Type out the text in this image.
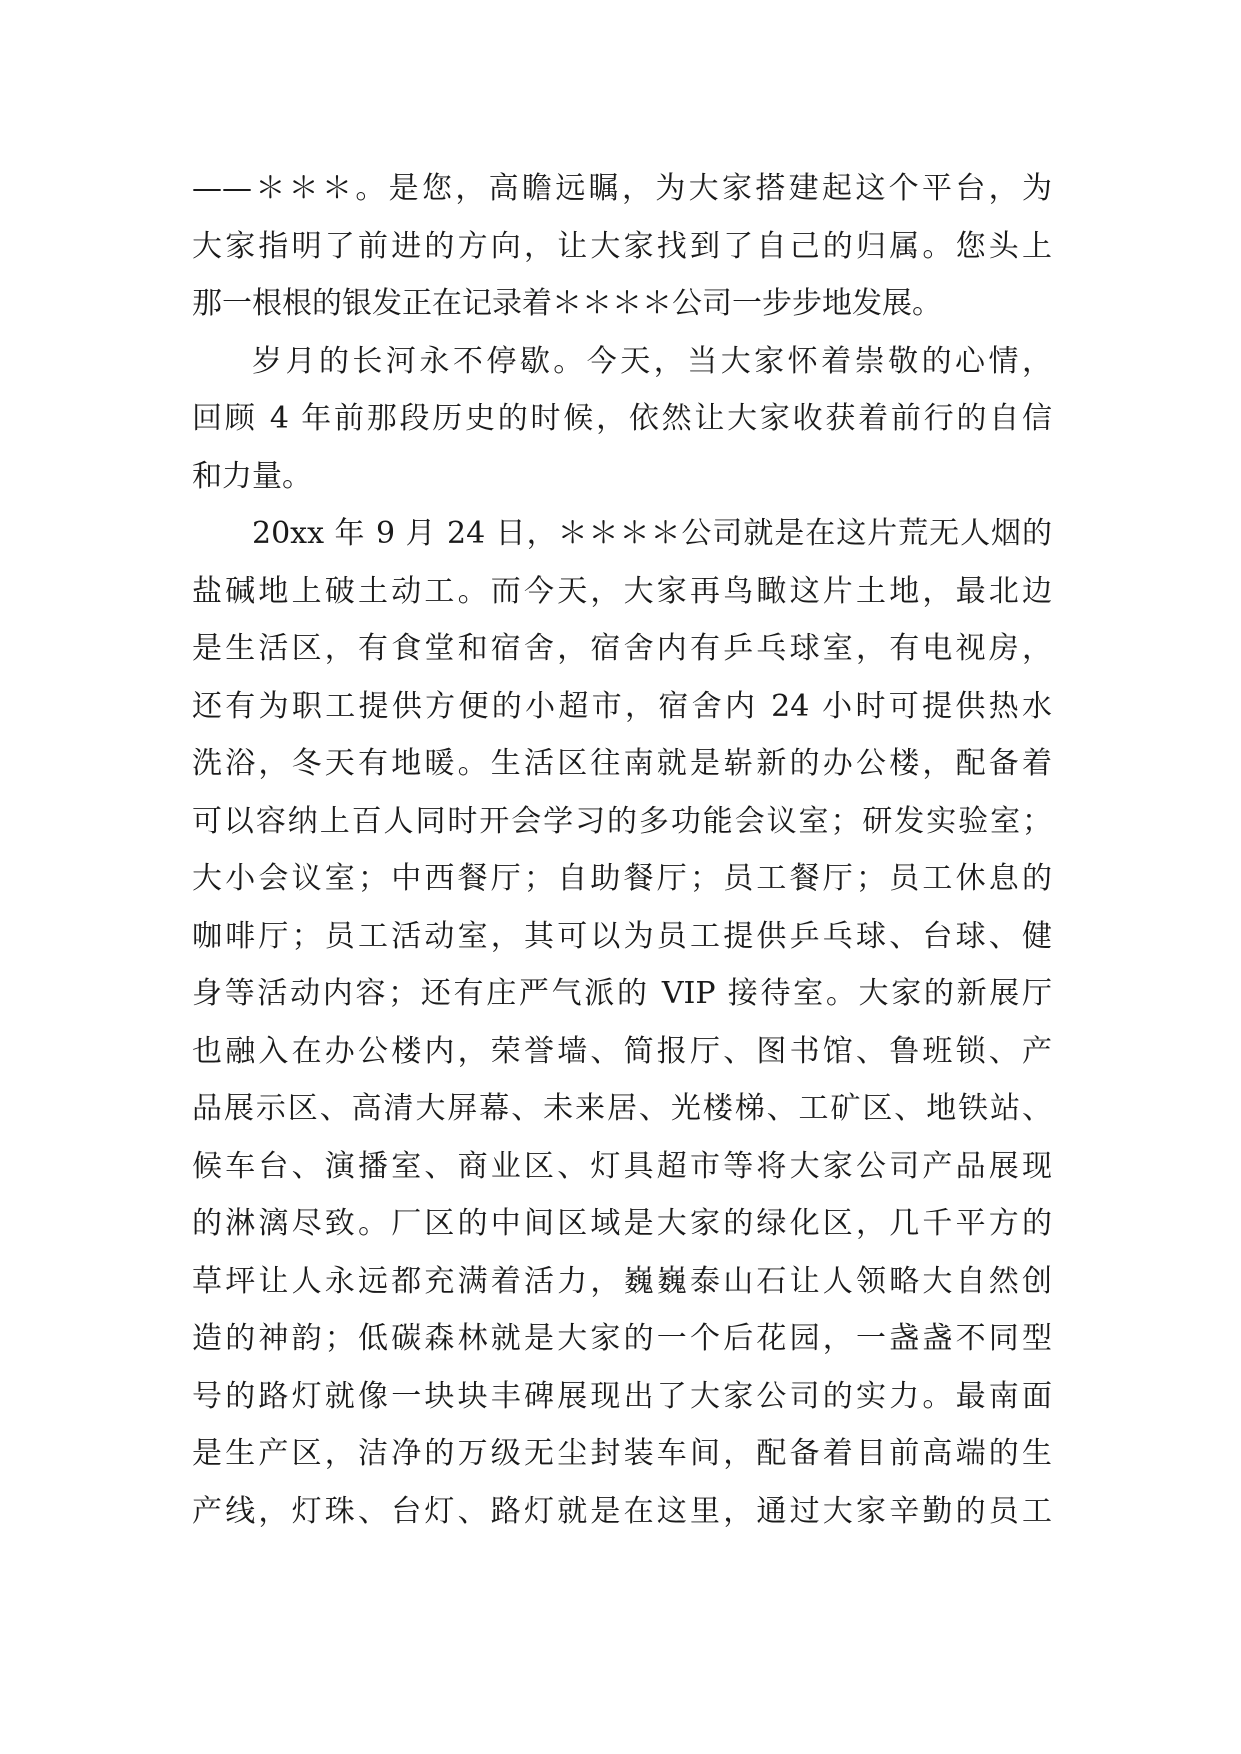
——＊＊＊。是您，高瞻远瞩，为大家搭建起这个平台，为
大家指明了前进的方向，让大家找到了自己的归属。您头上
那一根根的银发正在记录着＊＊＊＊公司一步步地发展。
岁月的长河永不停歇。今天，当大家怀着崇敬的心情，
回顾 4 年前那段历史的时候，依然让大家收获着前行的自信
和力量。
20xx 年 9 月 24 日，＊＊＊＊公司就是在这片荒无人烟的
盐碱地上破土动工。而今天，大家再鸟瞰这片土地，最北边
是生活区，有食堂和宿舍，宿舍内有乒乓球室，有电视房，
还有为职工提供方便的小超市，宿舍内 24 小时可提供热水
洗浴，冬天有地暖。生活区往南就是崭新的办公楼，配备着
可以容纳上百人同时开会学习的多功能会议室；研发实验室；
大小会议室；中西餐厅；自助餐厅；员工餐厅；员工休息的
咖啡厅；员工活动室，其可以为员工提供乒乓球、台球、健
身等活动内容；还有庄严气派的 VIP 接待室。大家的新展厅
也融入在办公楼内，荣誉墙、简报厅、图书馆、鲁班锁、产
品展示区、高清大屏幕、未来居、光楼梯、工矿区、地铁站、
候车台、演播室、商业区、灯具超市等将大家公司产品展现
的淋漓尽致。厂区的中间区域是大家的绿化区，几千平方的
草坪让人永远都充满着活力，巍巍泰山石让人领略大自然创
造的神韵；低碳森林就是大家的一个后花园，一盏盏不同型
号的路灯就像一块块丰碑展现出了大家公司的实力。最南面
是生产区，洁净的万级无尘封装车间，配备着目前高端的生
产线，灯珠、台灯、路灯就是在这里，通过大家辛勤的员工
